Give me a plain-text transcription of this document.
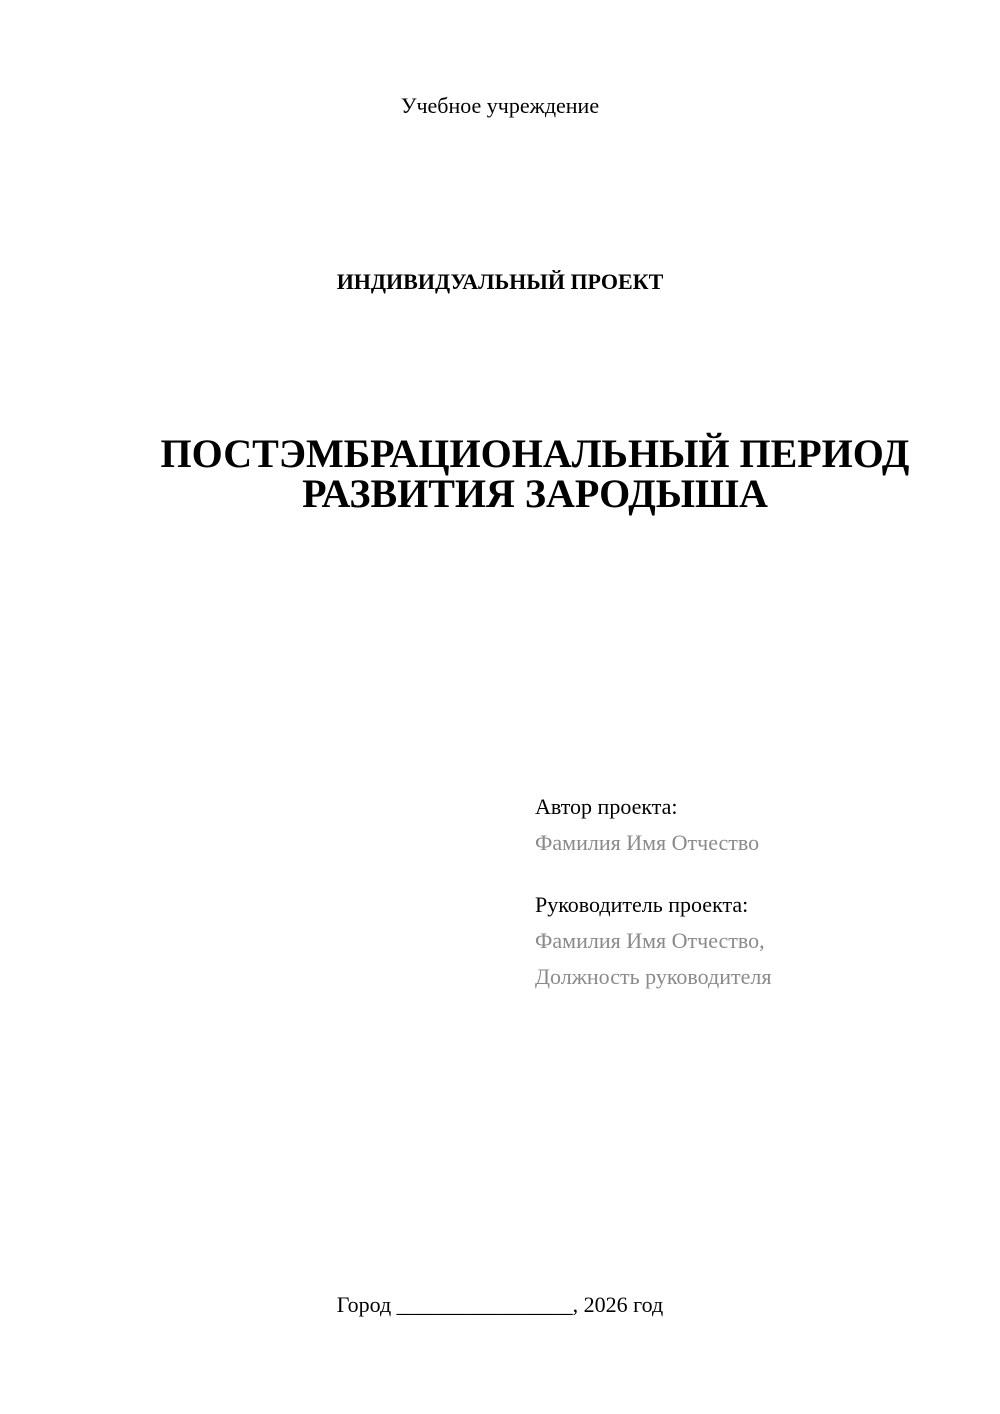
Учебное учреждение
ИНДИВИДУАЛЬНЫЙ ПРОЕКТ
ПОСТЭМБРАЦИОНАЛЬНЫЙ ПЕРИОД
РАЗВИТИЯ ЗАРОДЫША
Автор проекта:
Фамилия Имя Отчество
Руководитель проекта:
Фамилия Имя Отчество,
Должность руководителя
Город ________________, 2026 год
